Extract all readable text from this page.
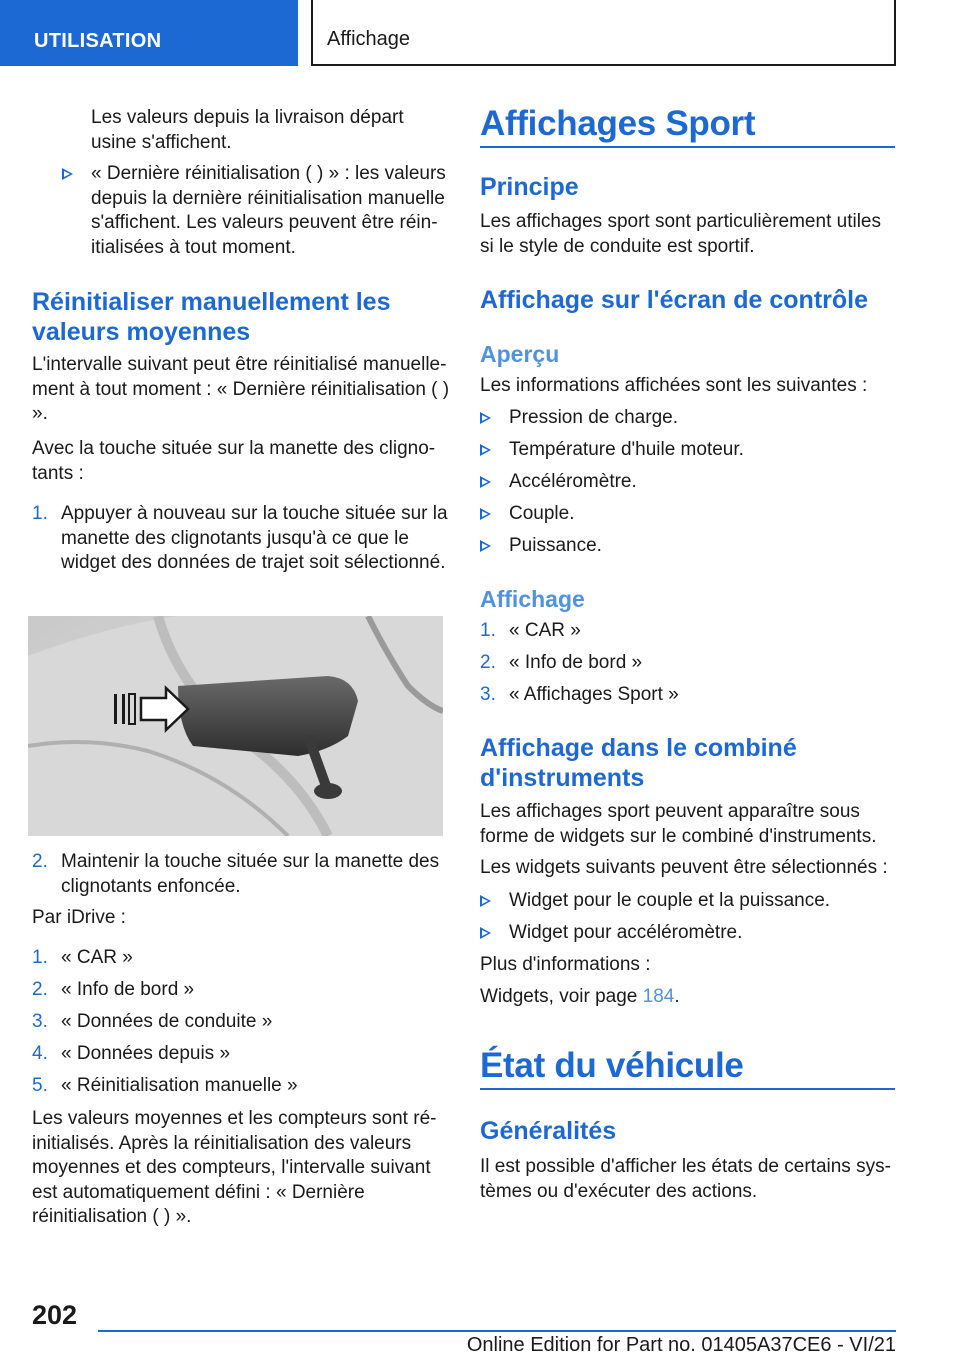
UTILISATION	Affichage
Les valeurs depuis la livraison départ
usine s'affichent.
« Dernière réinitialisation ( ) » : les valeurs depuis la dernière réinitialisation manuelle s'affichent. Les valeurs peuvent être réinitialisées à tout moment.
Réinitialiser manuellement les valeurs moyennes
L'intervalle suivant peut être réinitialisé manuellement à tout moment : « Dernière réinitialisation ( ) ».
Avec la touche située sur la manette des clignotants :
1. Appuyer à nouveau sur la touche située sur la manette des clignotants jusqu'à ce que le widget des données de trajet soit sélectionné.
2. Maintenir la touche située sur la manette des clignotants enfoncée.
Par iDrive :
1. « CAR »
2. « Info de bord »
3. « Données de conduite »
4. « Données depuis »
5. « Réinitialisation manuelle »
Les valeurs moyennes et les compteurs sont réinitialisés. Après la réinitialisation des valeurs moyennes et des compteurs, l'intervalle suivant est automatiquement défini : « Dernière réinitialisation ( ) ».
Affichages Sport
Principe
Les affichages sport sont particulièrement utiles si le style de conduite est sportif.
Affichage sur l'écran de contrôle
Aperçu
Les informations affichées sont les suivantes :
Pression de charge.
Température d'huile moteur.
Accéléromètre.
Couple.
Puissance.
Affichage
1. « CAR »
2. « Info de bord »
3. « Affichages Sport »
Affichage dans le combiné d'instruments
Les affichages sport peuvent apparaître sous forme de widgets sur le combiné d'instruments.
Les widgets suivants peuvent être sélectionnés :
Widget pour le couple et la puissance.
Widget pour accéléromètre.
Plus d'informations :
Widgets, voir page 184.
État du véhicule
Généralités
Il est possible d'afficher les états de certains systèmes ou d'exécuter des actions.
202
Online Edition for Part no. 01405A37CE6 - VI/21
